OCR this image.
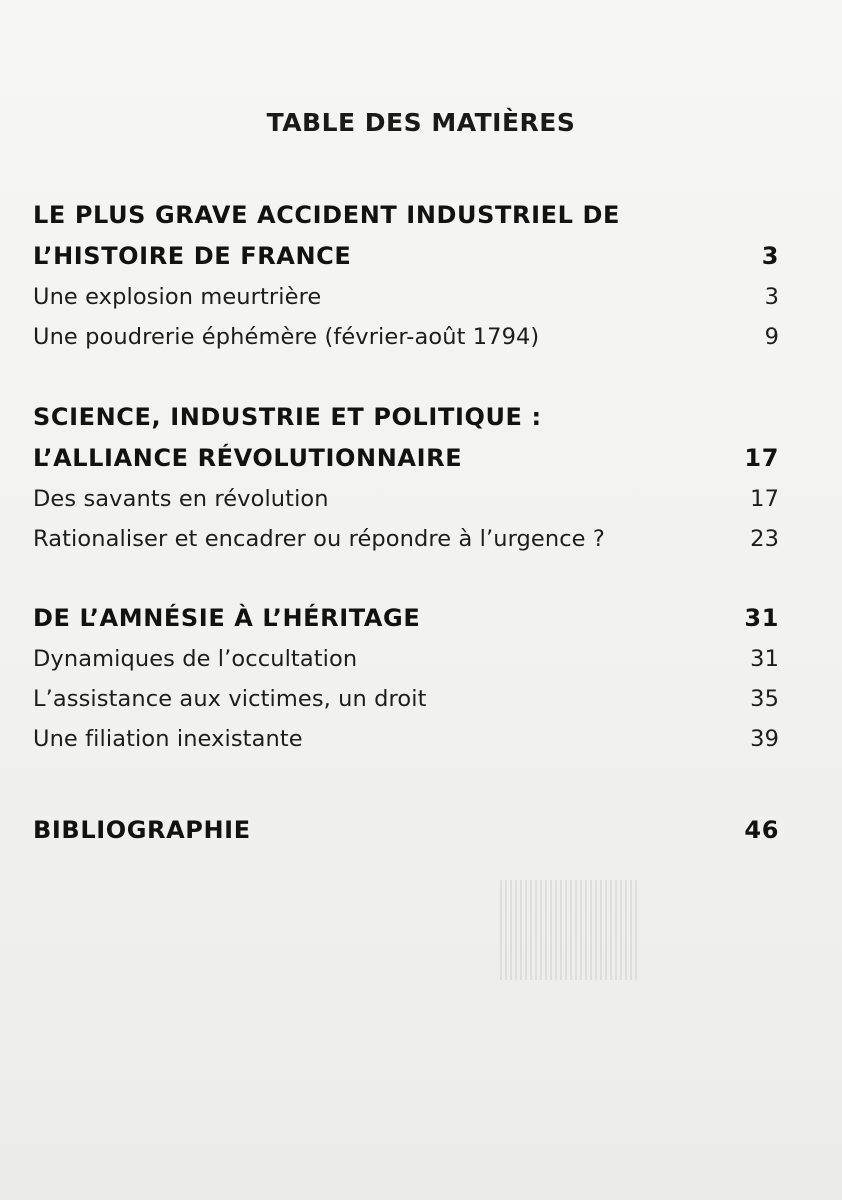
TABLE DES MATIÈRES
LE PLUS GRAVE ACCIDENT INDUSTRIEL DE
L’HISTOIRE DE FRANCE	3
Une explosion meurtrière	3
Une poudrerie éphémère (février-août 1794)	9
SCIENCE, INDUSTRIE ET POLITIQUE :
L’ALLIANCE RÉVOLUTIONNAIRE	17
Des savants en révolution	17
Rationaliser et encadrer ou répondre à l’urgence ?	23
DE L’AMNÉSIE À L’HÉRITAGE	31
Dynamiques de l’occultation	31
L’assistance aux victimes, un droit	35
Une filiation inexistante	39
BIBLIOGRAPHIE	46
